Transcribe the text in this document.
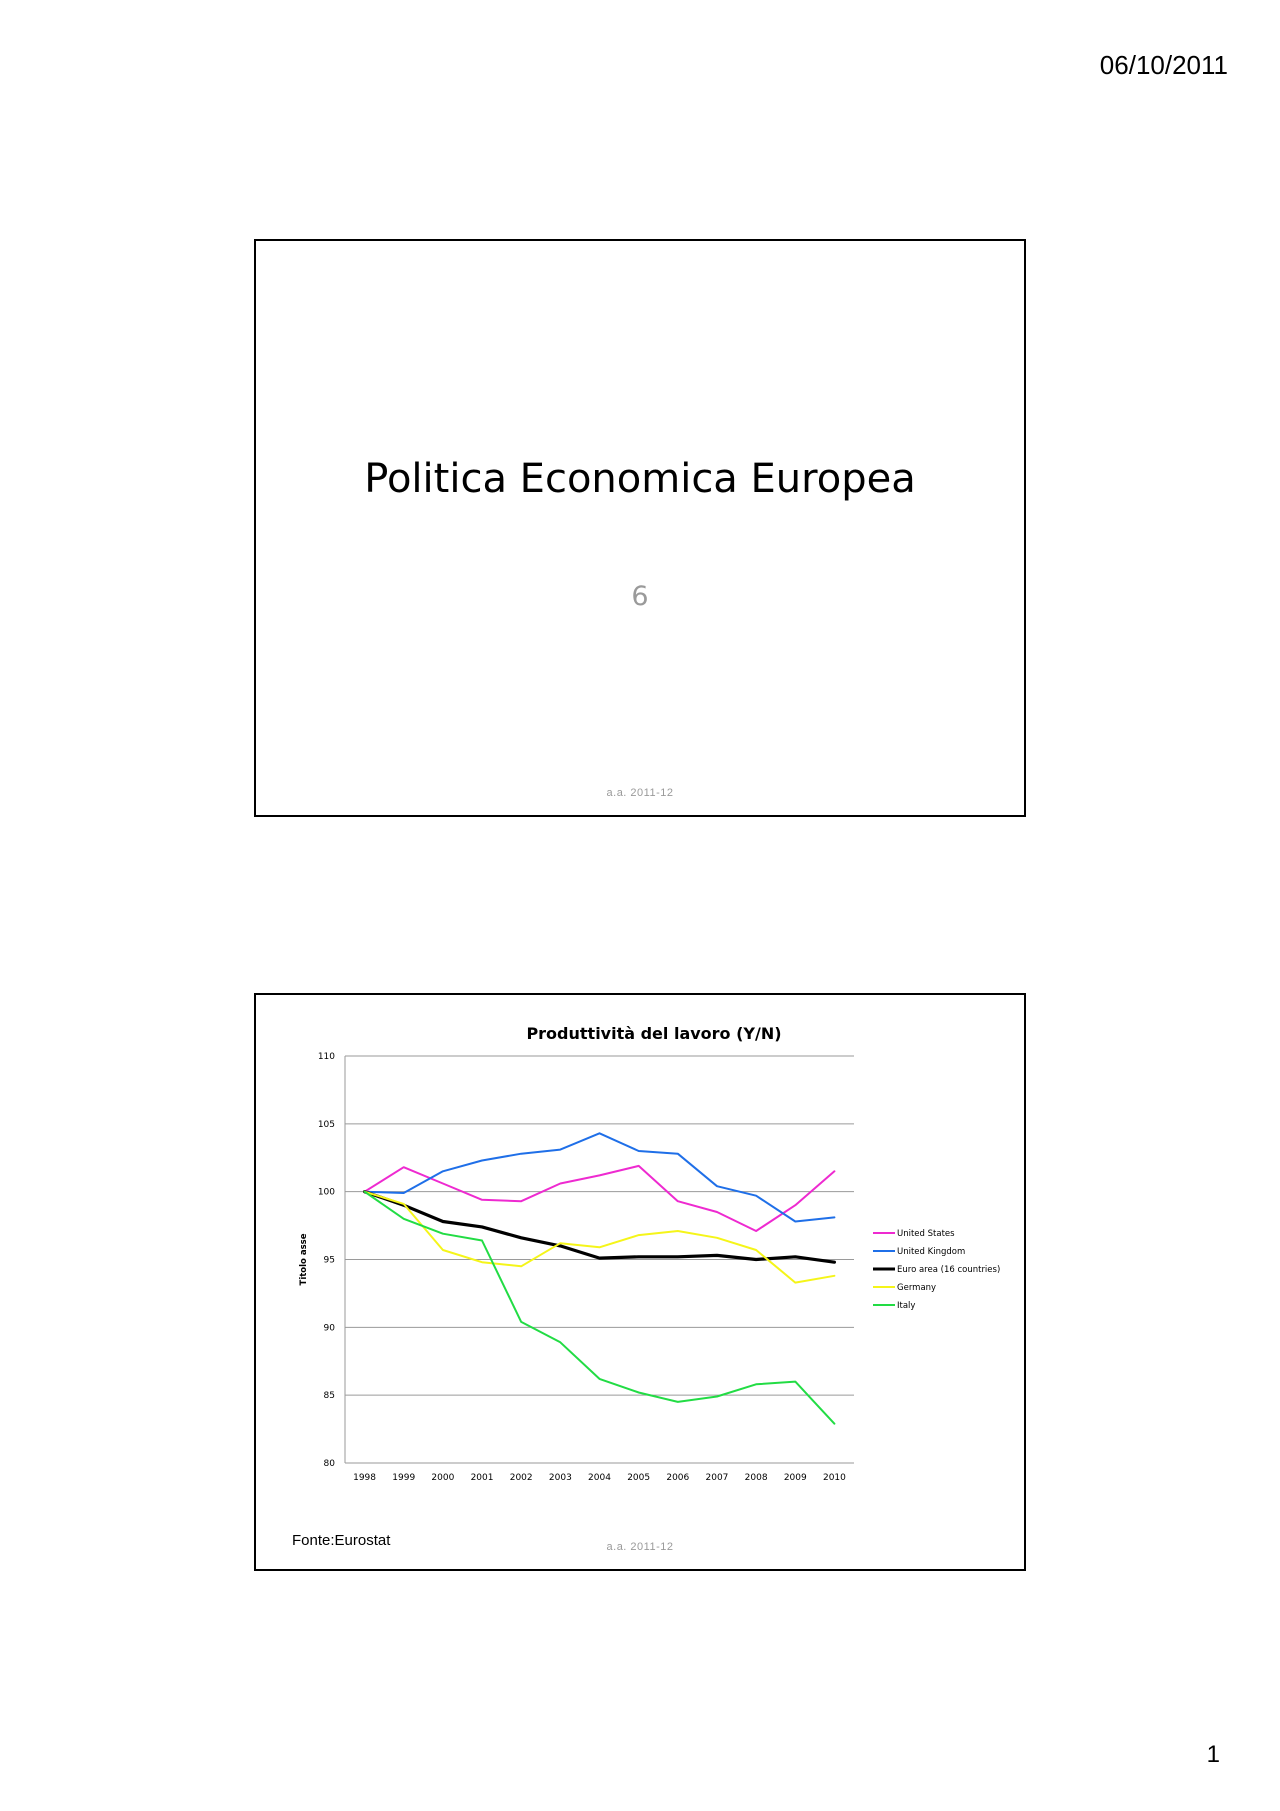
06/10/2011
Politica Economica Europea
6
a.a. 2011-12
Produttività del lavoro (Y/N)
80
85
90
95
100
105
110
1998 1999 2000 2001 2002 2003 2004 2005 2006 2007 2008 2009 2010
Titolo asse	United States
United Kingdom
Euro area (16 countries)
Germany
Italy
Fonte:Eurostat	a.a. 2011-12
1
